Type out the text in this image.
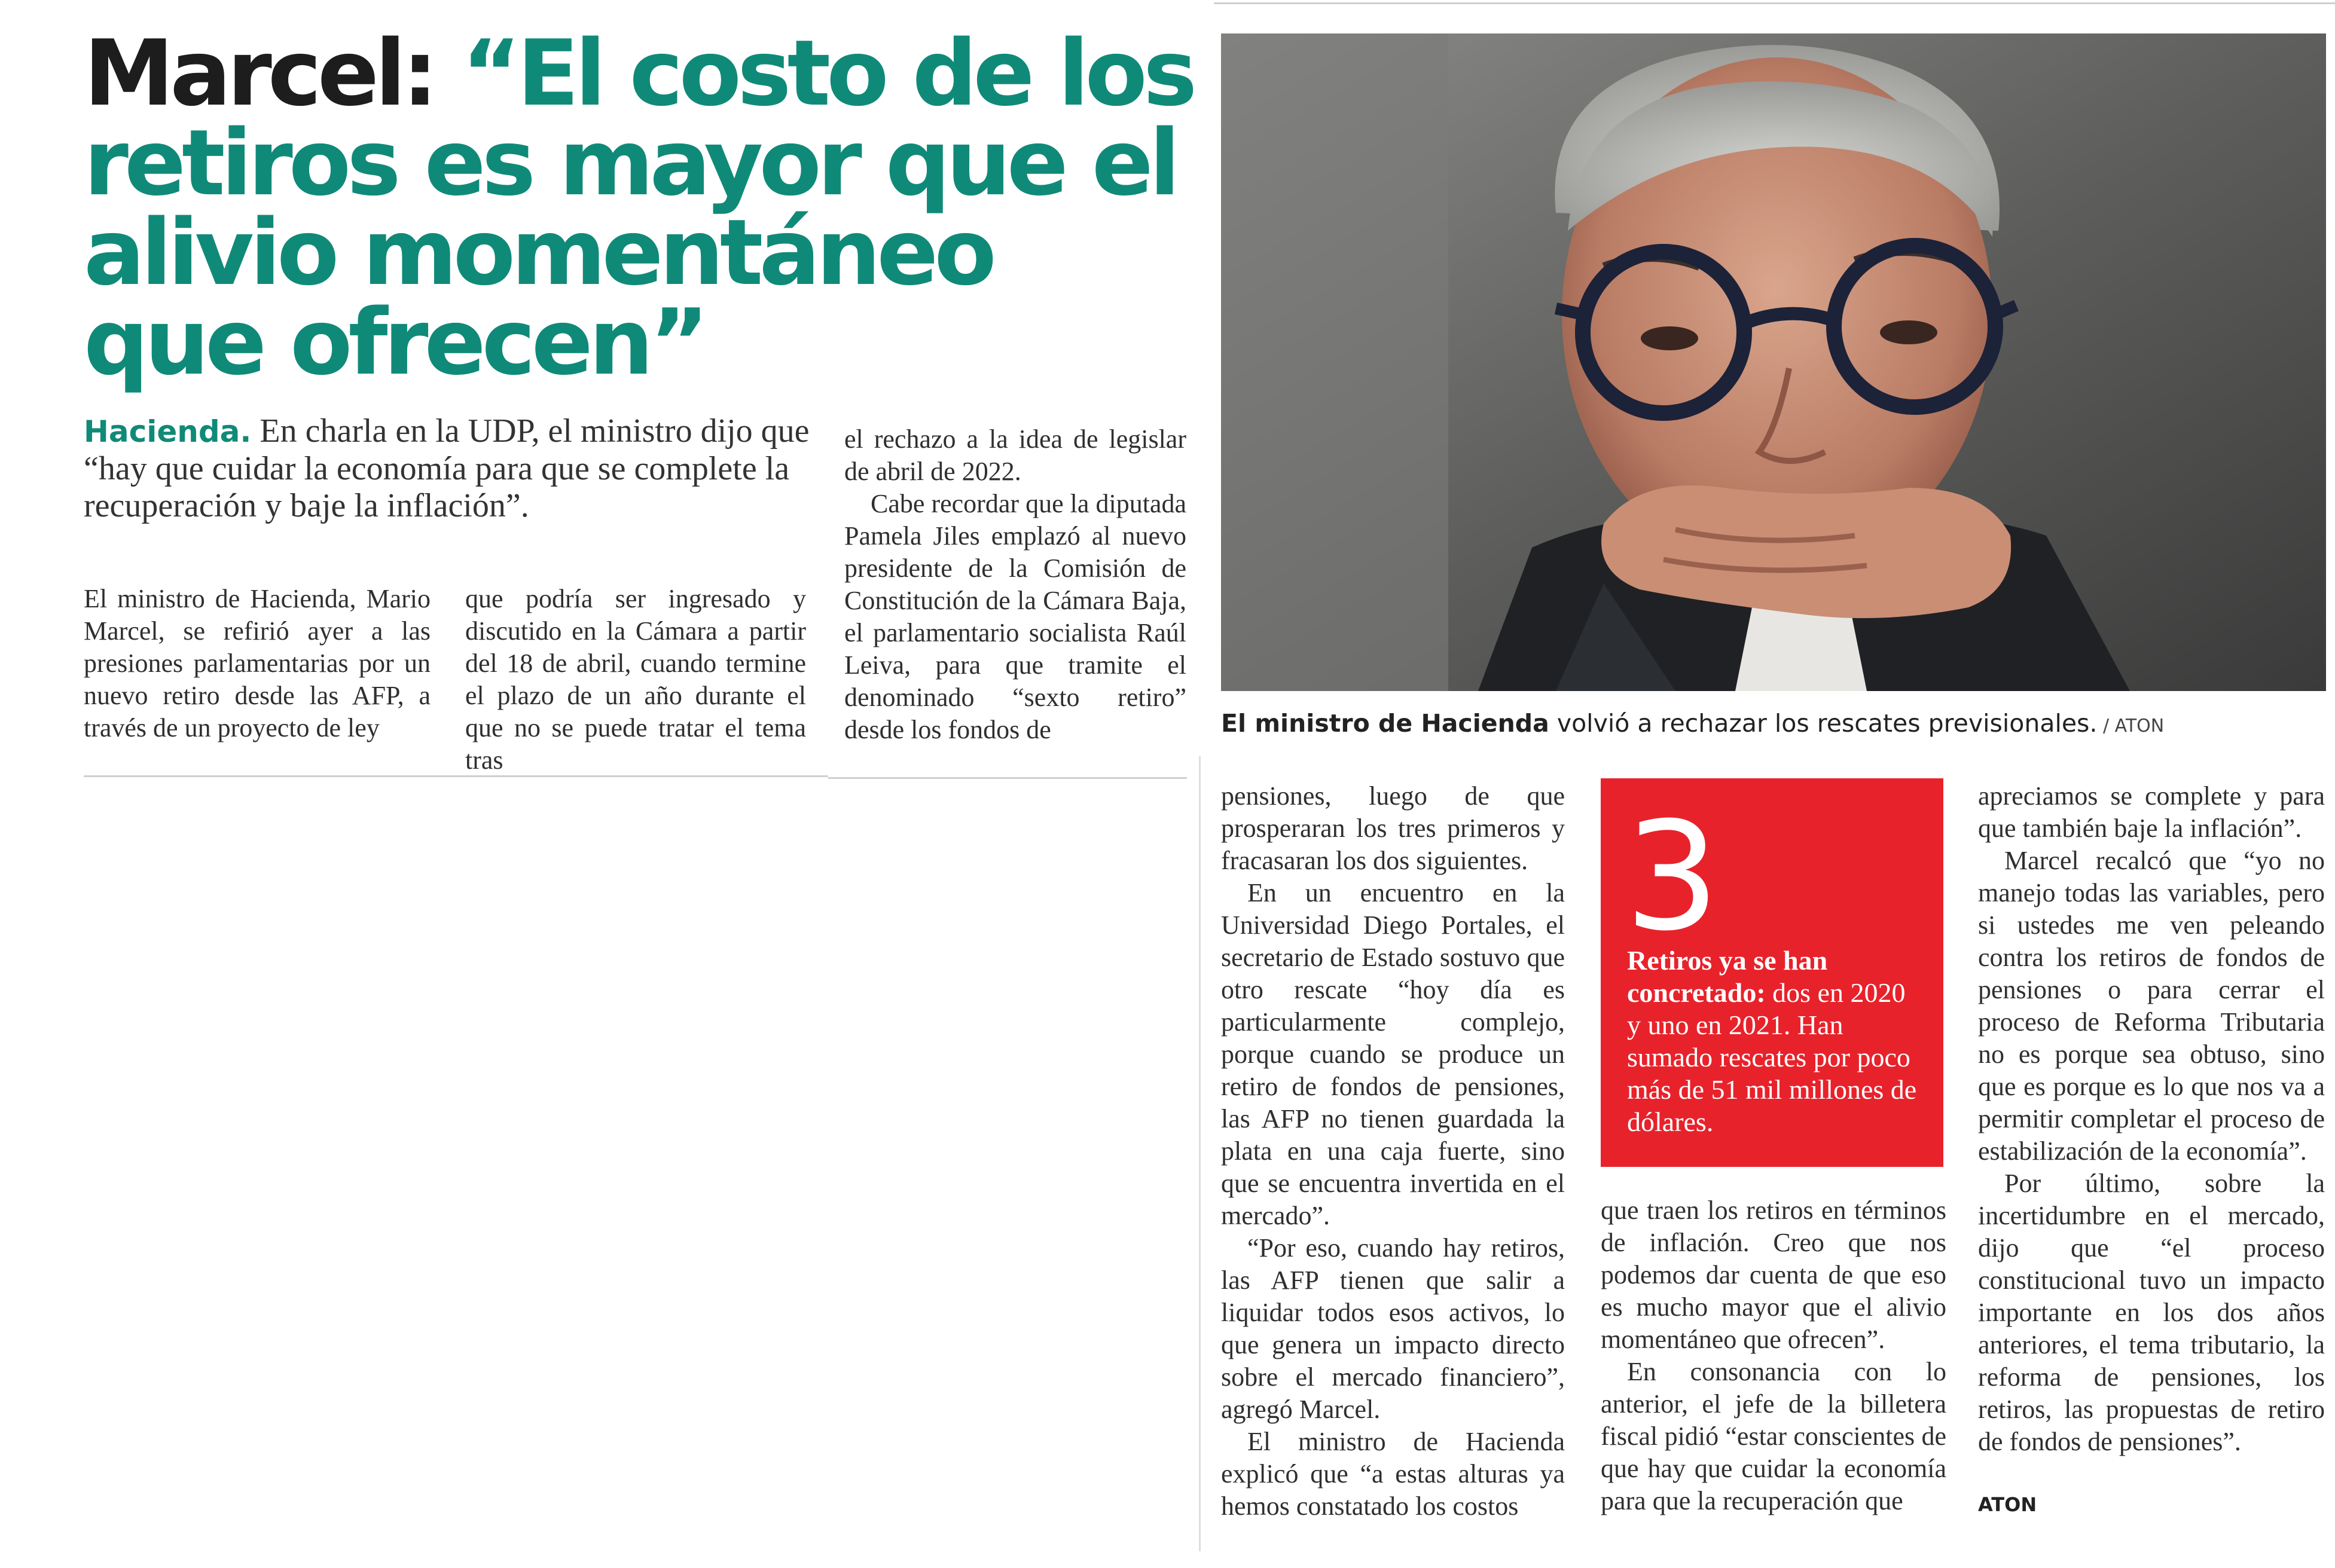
Marcel: “El costo de los retiros es mayor que el alivio momentáneo que ofrecen”
Hacienda. En charla en la UDP, el ministro dijo que “hay que cuidar la economía para que se complete la recuperación y baje la inflación”.

El ministro de Hacienda, Mario Marcel, se refirió ayer a las presiones parlamentarias por un nuevo retiro desde las AFP, a través de un proyecto de ley

que podría ser ingresado y discutido en la Cámara a partir del 18 de abril, cuando termine el plazo de un año durante el que no se puede tratar el tema tras

el rechazo a la idea de legislar de abril de 2022.

Cabe recordar que la diputada Pamela Jiles emplazó al nuevo presidente de la Comisión de Constitución de la Cámara Baja, el parlamentario socialista Raúl Leiva, para que tramite el denominado “sexto retiro” desde los fondos de	El ministro de Hacienda volvió a rechazar los rescates previsionales. / ATON

pensiones, luego de que prosperaran los tres primeros y fracasaran los dos siguientes.

En un encuentro en la Universidad Diego Portales, el secretario de Estado sostuvo que otro rescate “hoy día es particularmente complejo, porque cuando se produce un retiro de fondos de pensiones, las AFP no tienen guardada la plata en una caja fuerte, sino que se encuentra invertida en el mercado”.

“Por eso, cuando hay retiros, las AFP tienen que salir a liquidar todos esos activos, lo que genera un impacto directo sobre el mercado financiero”, agregó Marcel.

El ministro de Hacienda explicó que “a estas alturas ya hemos constatado los costos

3
Retiros ya se han concretado: dos en 2020 y uno en 2021. Han sumado rescates por poco más de 51 mil millones de dólares.

que traen los retiros en términos de inflación. Creo que nos podemos dar cuenta de que eso es mucho mayor que el alivio momentáneo que ofrecen”.

En consonancia con lo anterior, el jefe de la billetera fiscal pidió “estar conscientes de que hay que cuidar la economía para que la recuperación que

apreciamos se complete y para que también baje la inflación”.

Marcel recalcó que “yo no manejo todas las variables, pero si ustedes me ven peleando contra los retiros de fondos de pensiones o para cerrar el proceso de Reforma Tributaria no es porque sea obtuso, sino que es porque es lo que nos va a permitir completar el proceso de estabilización de la economía”.

Por último, sobre la incertidumbre en el mercado, dijo que “el proceso constitucional tuvo un impacto importante en los dos años anteriores, el tema tributario, la reforma de pensiones, los retiros, las propuestas de retiro de fondos de pensiones”.

ATON
